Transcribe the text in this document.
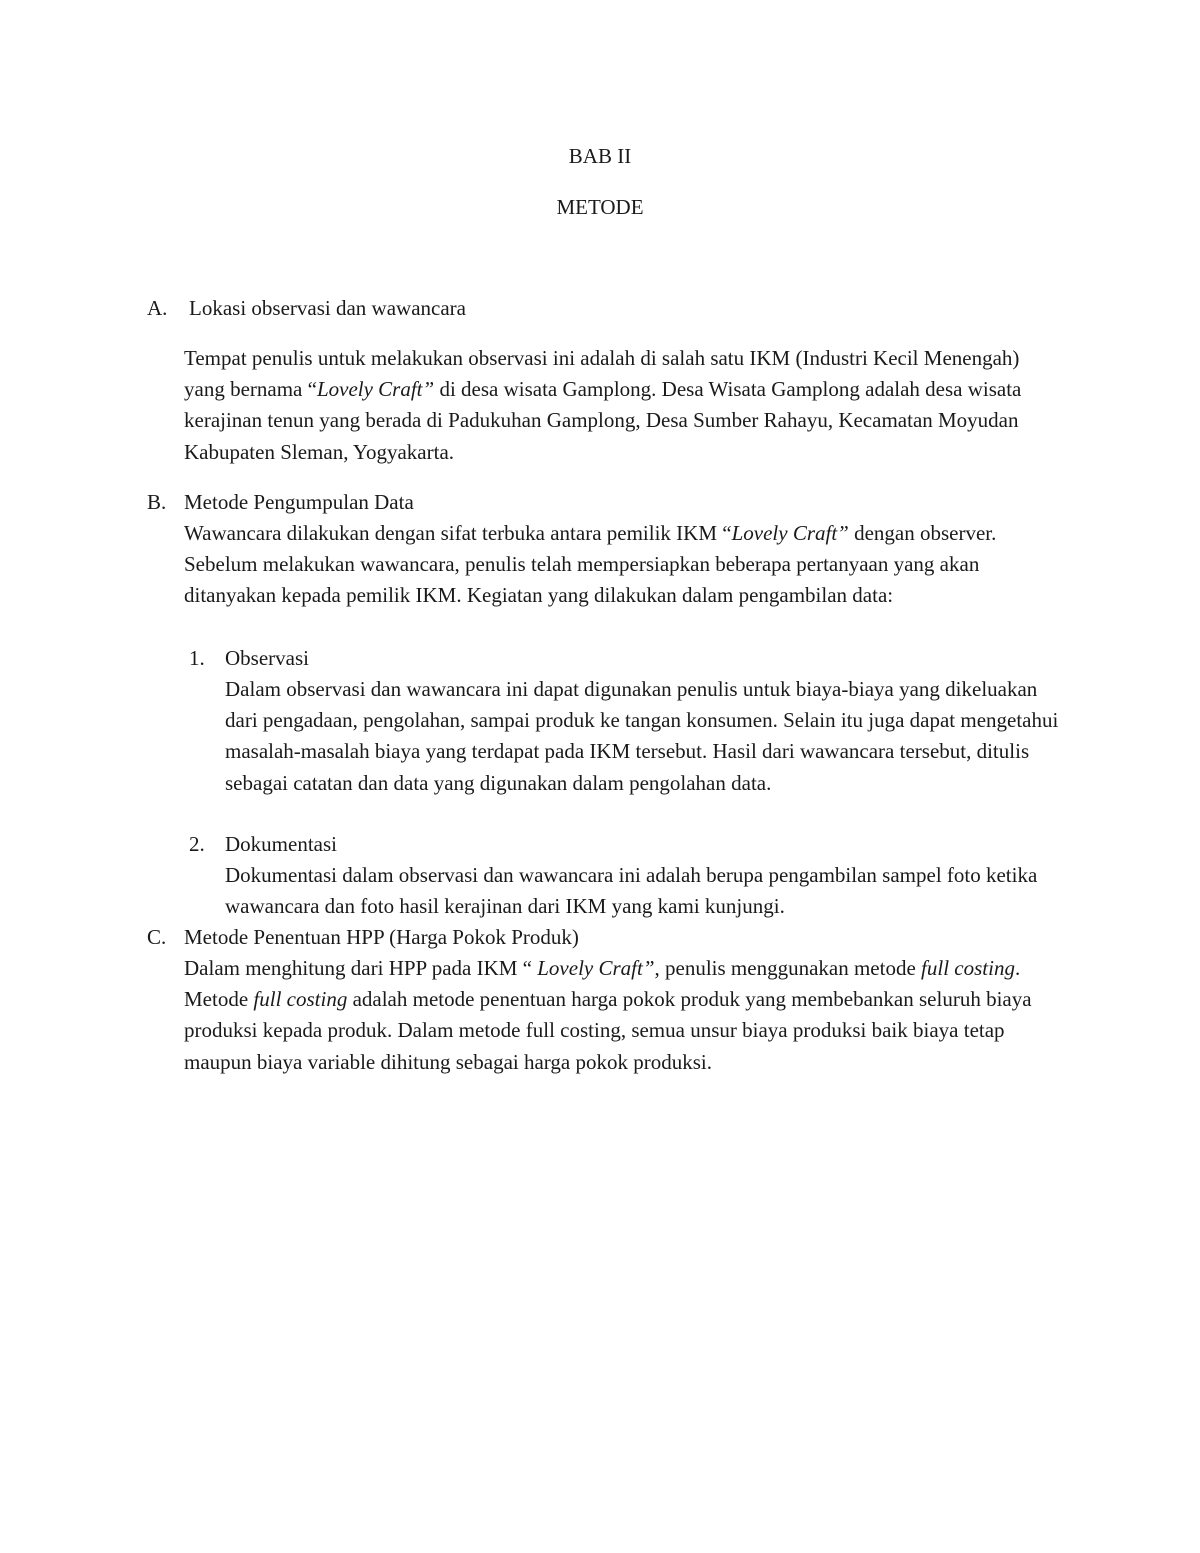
BAB II
METODE
A. Lokasi observasi dan wawancara

Tempat penulis untuk melakukan observasi ini adalah di salah satu IKM (Industri Kecil Menengah) yang bernama “Lovely Craft” di desa wisata Gamplong. Desa Wisata Gamplong adalah desa wisata kerajinan tenun yang berada di Padukuhan Gamplong, Desa Sumber Rahayu, Kecamatan Moyudan Kabupaten Sleman, Yogyakarta.

B. Metode Pengumpulan Data

Wawancara dilakukan dengan sifat terbuka antara pemilik IKM “Lovely Craft” dengan observer. Sebelum melakukan wawancara, penulis telah mempersiapkan beberapa pertanyaan yang akan ditanyakan kepada pemilik IKM. Kegiatan yang dilakukan dalam pengambilan data:

1. Observasi

Dalam observasi dan wawancara ini dapat digunakan penulis untuk biaya-biaya yang dikeluakan dari pengadaan, pengolahan, sampai produk ke tangan konsumen. Selain itu juga dapat mengetahui masalah-masalah biaya yang terdapat pada IKM tersebut. Hasil dari wawancara tersebut, ditulis sebagai catatan dan data yang digunakan dalam pengolahan data.

2. Dokumentasi

Dokumentasi dalam observasi dan wawancara ini adalah berupa pengambilan sampel foto ketika wawancara dan foto hasil kerajinan dari IKM yang kami kunjungi.

C. Metode Penentuan HPP (Harga Pokok Produk)

Dalam menghitung dari HPP pada IKM “ Lovely Craft”, penulis menggunakan metode full costing. Metode full costing adalah metode penentuan harga pokok produk yang membebankan seluruh biaya produksi kepada produk. Dalam metode full costing, semua unsur biaya produksi baik biaya tetap maupun biaya variable dihitung sebagai harga pokok produksi.
